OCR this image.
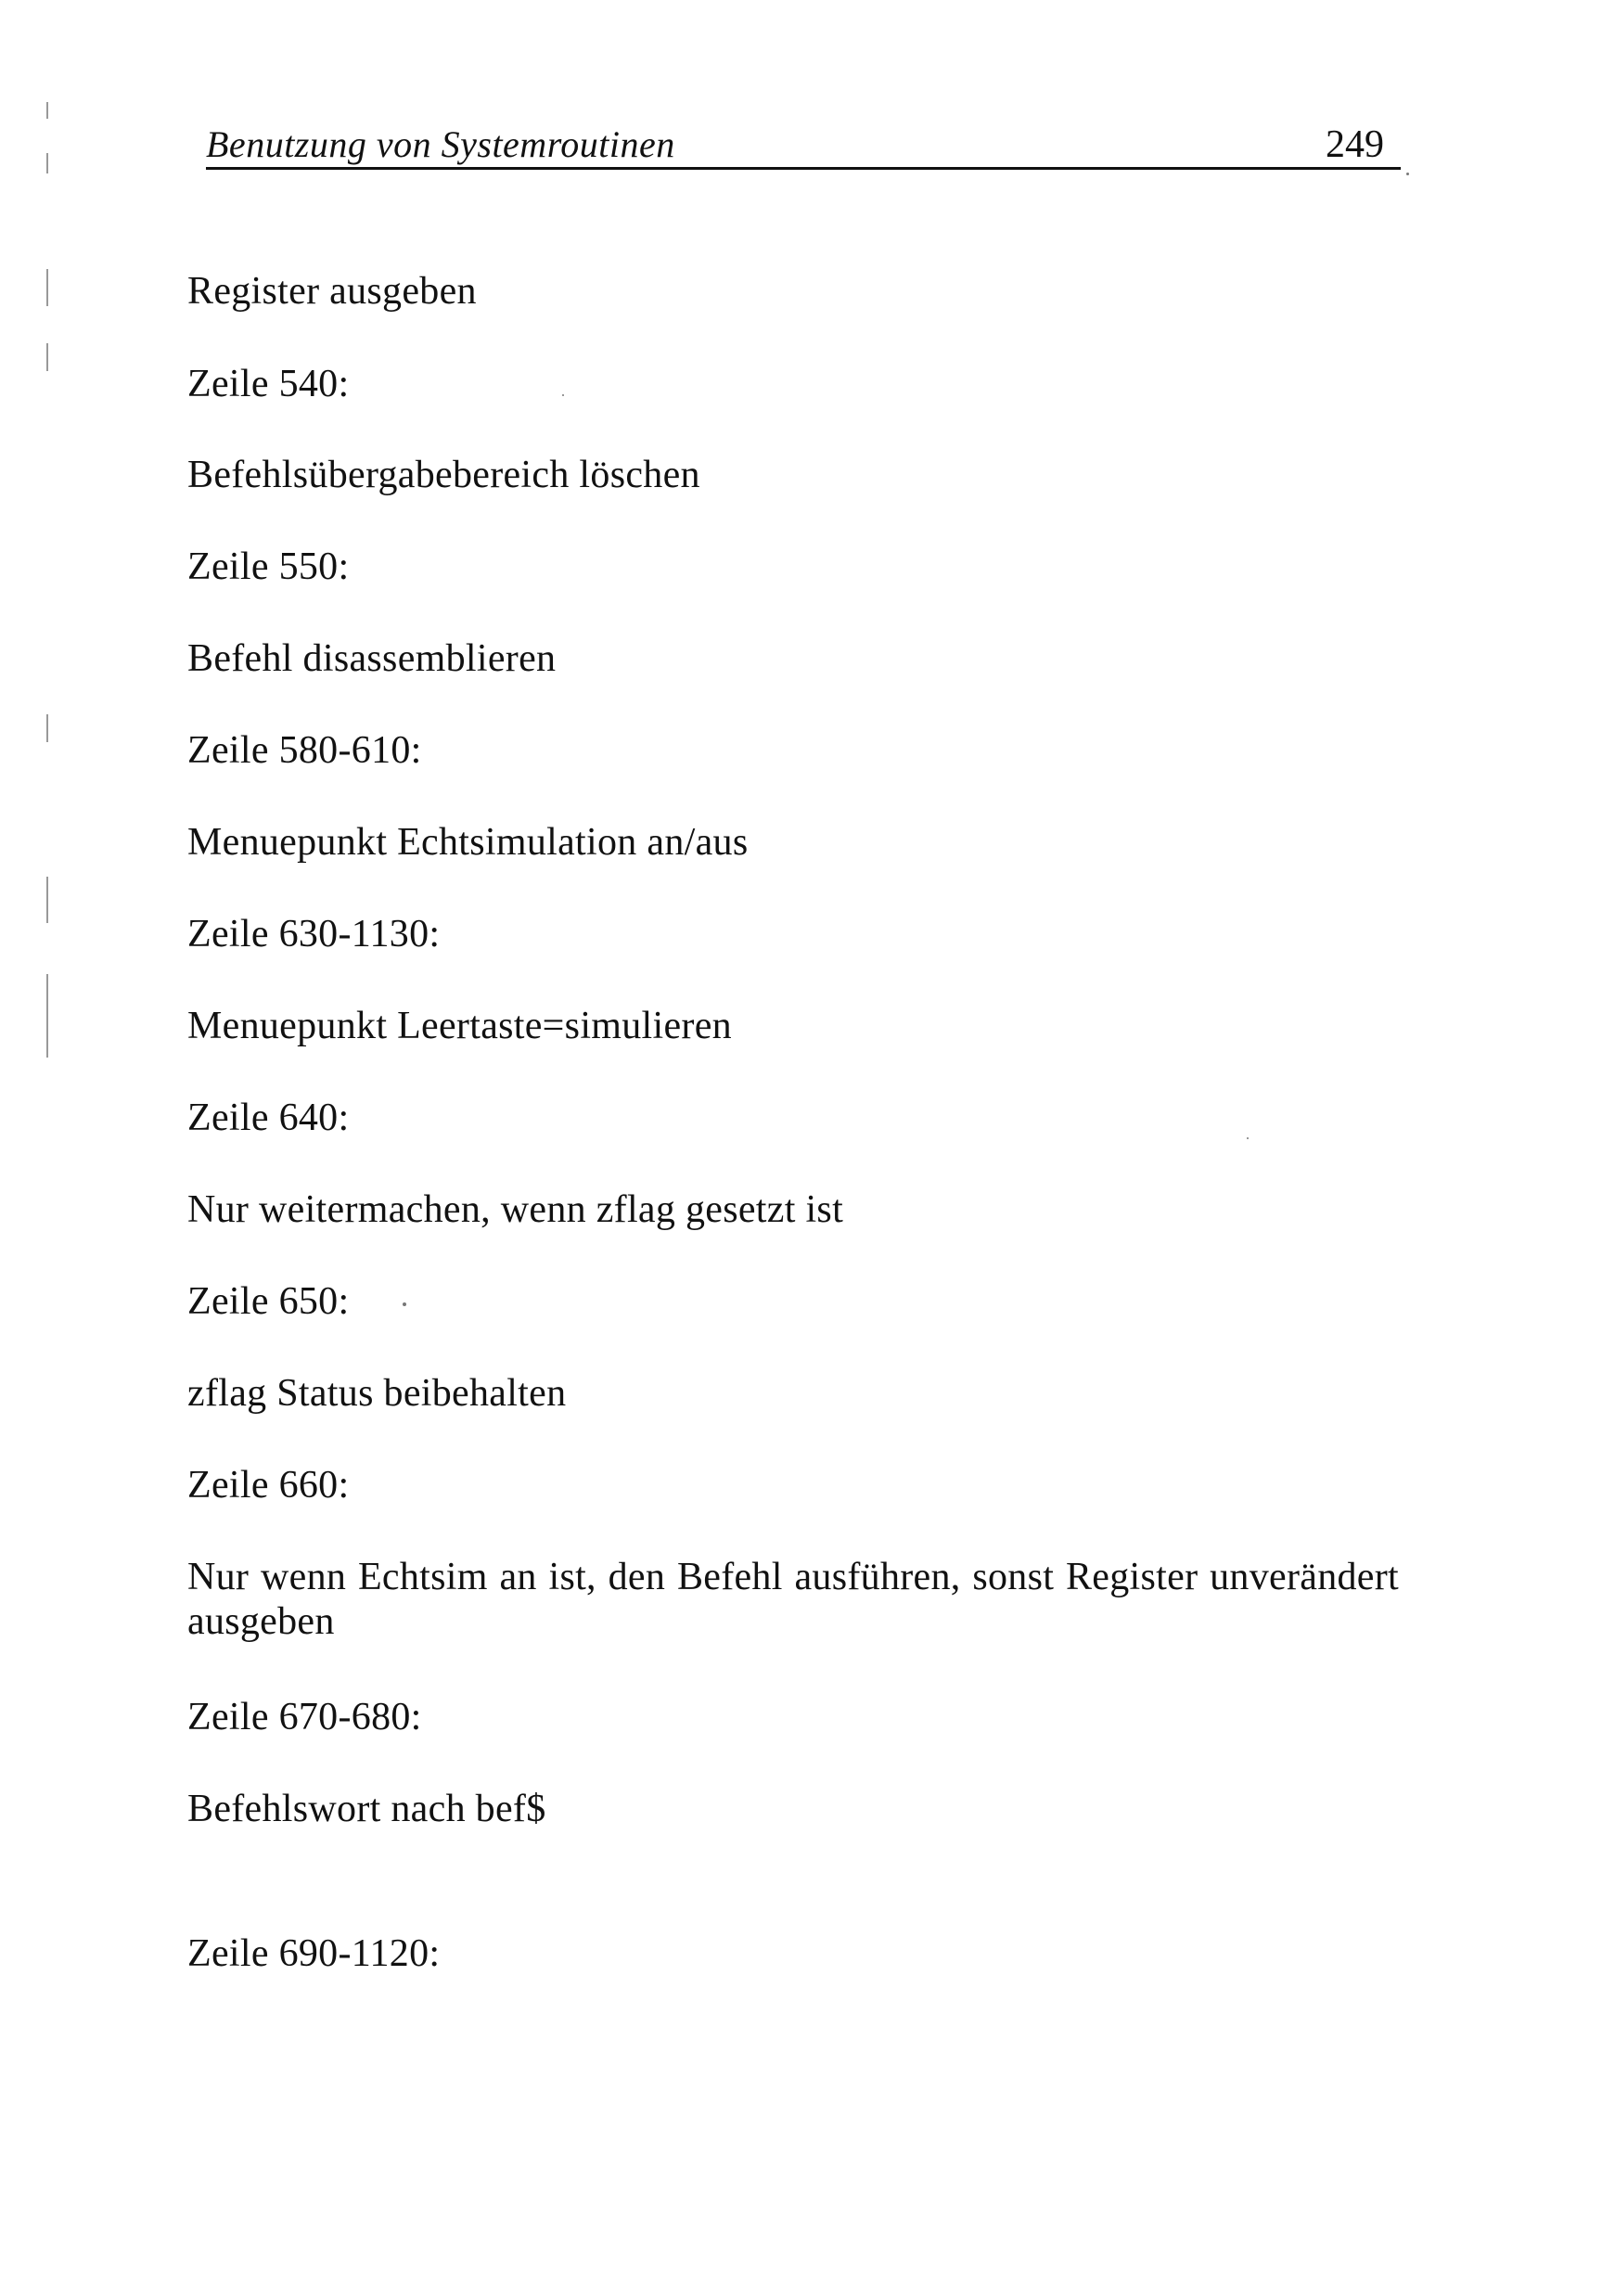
Benutzung von Systemroutinen	249
Register ausgeben
Zeile 540:
Befehlsübergabebereich löschen
Zeile 550:
Befehl disassemblieren
Zeile 580-610:
Menuepunkt Echtsimulation an/aus
Zeile 630-1130:
Menuepunkt Leertaste=simulieren
Zeile 640:
Nur weitermachen, wenn zflag gesetzt ist
Zeile 650:
zflag Status beibehalten
Zeile 660:
Nur wenn Echtsim an ist, den Befehl ausführen, sonst Register unverändert ausgeben
Zeile 670-680:
Befehlswort nach bef$
Zeile 690-1120:
